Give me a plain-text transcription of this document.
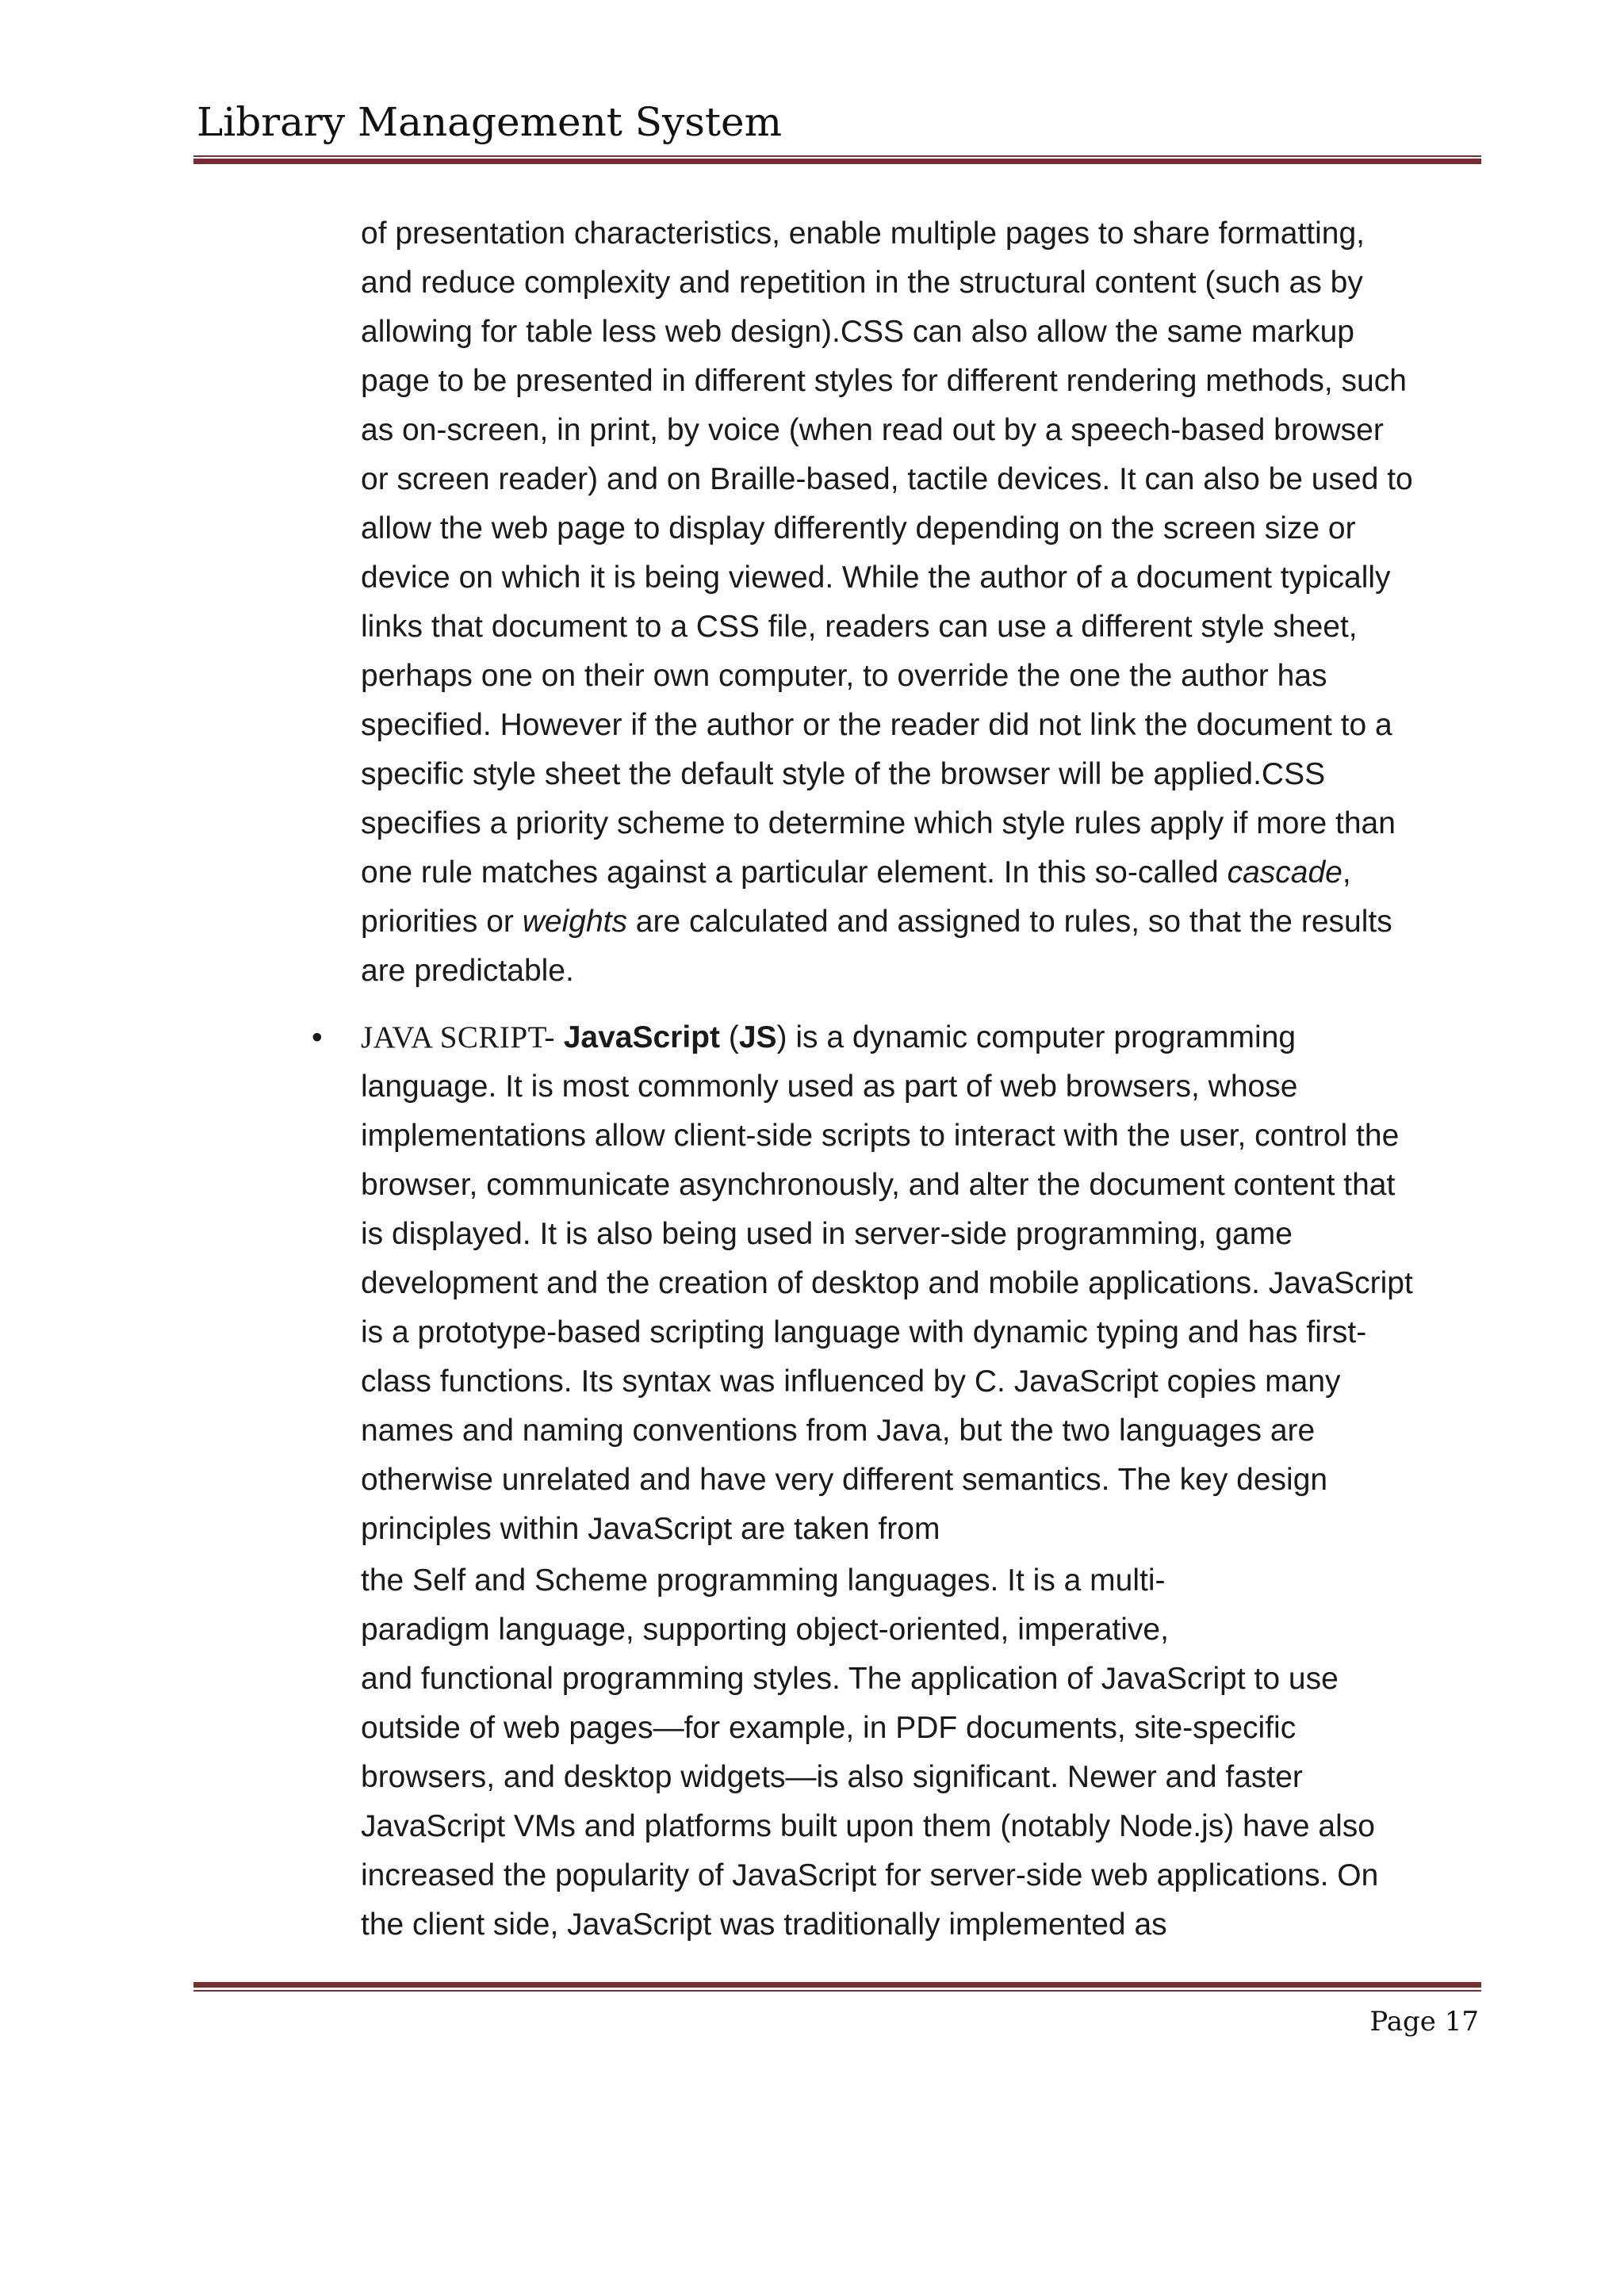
Library Management System
of presentation characteristics, enable multiple pages to share formatting,
and reduce complexity and repetition in the structural content (such as by
allowing for table less web design).CSS can also allow the same markup
page to be presented in different styles for different rendering methods, such
as on-screen, in print, by voice (when read out by a speech-based browser
or screen reader) and on Braille-based, tactile devices. It can also be used to
allow the web page to display differently depending on the screen size or
device on which it is being viewed. While the author of a document typically
links that document to a CSS file, readers can use a different style sheet,
perhaps one on their own computer, to override the one the author has
specified. However if the author or the reader did not link the document to a
specific style sheet the default style of the browser will be applied.CSS
specifies a priority scheme to determine which style rules apply if more than
one rule matches against a particular element. In this so-called cascade,
priorities or weights are calculated and assigned to rules, so that the results
are predictable.
• JAVA SCRIPT- JavaScript (JS) is a dynamic computer programming
language. It is most commonly used as part of web browsers, whose
implementations allow client-side scripts to interact with the user, control the
browser, communicate asynchronously, and alter the document content that
is displayed. It is also being used in server-side programming, game
development and the creation of desktop and mobile applications. JavaScript
is a prototype-based scripting language with dynamic typing and has first-
class functions. Its syntax was influenced by C. JavaScript copies many
names and naming conventions from Java, but the two languages are
otherwise unrelated and have very different semantics. The key design
principles within JavaScript are taken from
the Self and Scheme programming languages. It is a multi-
paradigm language, supporting object-oriented, imperative,
and functional programming styles. The application of JavaScript to use
outside of web pages—for example, in PDF documents, site-specific
browsers, and desktop widgets—is also significant. Newer and faster
JavaScript VMs and platforms built upon them (notably Node.js) have also
increased the popularity of JavaScript for server-side web applications. On
the client side, JavaScript was traditionally implemented as
Page 17
